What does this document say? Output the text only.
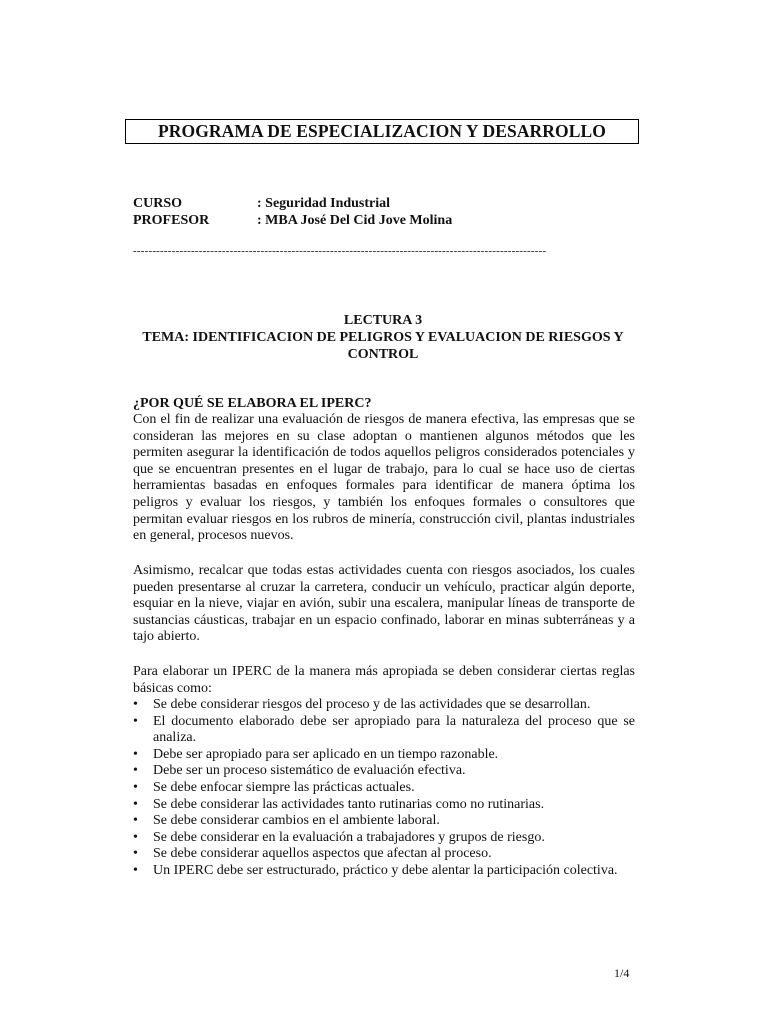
PROGRAMA DE ESPECIALIZACION Y DESARROLLO
CURSO	: Seguridad Industrial
PROFESOR	: MBA José Del Cid Jove Molina
-----------------------------------------------------------------------------------------------------------
LECTURA 3
TEMA: IDENTIFICACION DE PELIGROS Y EVALUACION DE RIESGOS Y CONTROL
¿POR QUÉ SE ELABORA EL IPERC?
Con el fin de realizar una evaluación de riesgos de manera efectiva, las empresas que se consideran las mejores en su clase adoptan o mantienen algunos métodos que les permiten asegurar la identificación de todos aquellos peligros considerados potenciales y que se encuentran presentes en el lugar de trabajo, para lo cual se hace uso de ciertas herramientas basadas en enfoques formales para identificar de manera óptima los peligros y evaluar los riesgos, y también los enfoques formales o consultores que permitan evaluar riesgos en los rubros de minería, construcción civil, plantas industriales en general, procesos nuevos.
Asimismo, recalcar que todas estas actividades cuenta con riesgos asociados, los cuales pueden presentarse al cruzar la carretera, conducir un vehículo, practicar algún deporte, esquiar en la nieve, viajar en avión, subir una escalera, manipular líneas de transporte de sustancias cáusticas, trabajar en un espacio confinado, laborar en minas subterráneas y a tajo abierto.
Para elaborar un IPERC de la manera más apropiada se deben considerar ciertas reglas básicas como:
• Se debe considerar riesgos del proceso y de las actividades que se desarrollan.
• El documento elaborado debe ser apropiado para la naturaleza del proceso que se analiza.
• Debe ser apropiado para ser aplicado en un tiempo razonable.
• Debe ser un proceso sistemático de evaluación efectiva.
• Se debe enfocar siempre las prácticas actuales.
• Se debe considerar las actividades tanto rutinarias como no rutinarias.
• Se debe considerar cambios en el ambiente laboral.
• Se debe considerar en la evaluación a trabajadores y grupos de riesgo.
• Se debe considerar aquellos aspectos que afectan al proceso.
• Un IPERC debe ser estructurado, práctico y debe alentar la participación colectiva.
1/4
